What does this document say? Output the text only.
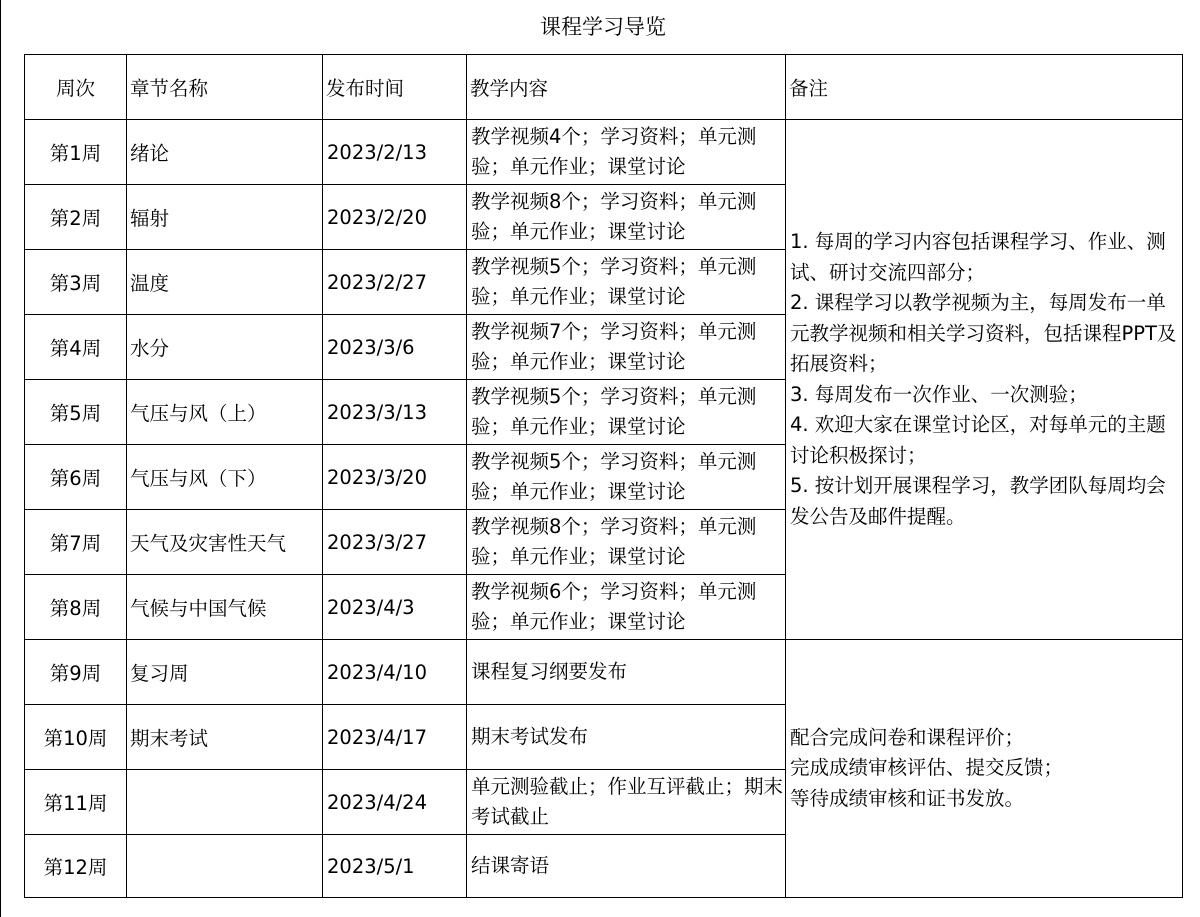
课程学习导览
周次	章节名称	发布时间	教学内容	备注
第1周	绪论	2023/2/13	教学视频4个；学习资料；单元测验；单元作业；课堂讨论	1. 每周的学习内容包括课程学习、作业、测试、研讨交流四部分；
2. 课程学习以教学视频为主，每周发布一单元教学视频和相关学习资料，包括课程PPT及拓展资料；
3. 每周发布一次作业、一次测验；
4. 欢迎大家在课堂讨论区，对每单元的主题讨论积极探讨；
5. 按计划开展课程学习，教学团队每周均会发公告及邮件提醒。

第2周	辐射	2023/2/20	教学视频8个；学习资料；单元测验；单元作业；课堂讨论	
第3周	温度	2023/2/27	教学视频5个；学习资料；单元测验；单元作业；课堂讨论	
第4周	水分	2023/3/6	教学视频7个；学习资料；单元测验；单元作业；课堂讨论	
第5周	气压与风（上）	2023/3/13	教学视频5个；学习资料；单元测验；单元作业；课堂讨论	
第6周	气压与风（下）	2023/3/20	教学视频5个；学习资料；单元测验；单元作业；课堂讨论	
第7周	天气及灾害性天气	2023/3/27	教学视频8个；学习资料；单元测验；单元作业；课堂讨论	
第8周	气候与中国气候	2023/4/3	教学视频6个；学习资料；单元测验；单元作业；课堂讨论	
第9周	复习周	2023/4/10	课程复习纲要发布	配合完成问卷和课程评价；
完成成绩审核评估、提交反馈；
等待成绩审核和证书发放。

第10周	期末考试	2023/4/17	期末考试发布	
第11周		2023/4/24	单元测验截止；作业互评截止；期末考试截止	
第12周		2023/5/1	结课寄语	
